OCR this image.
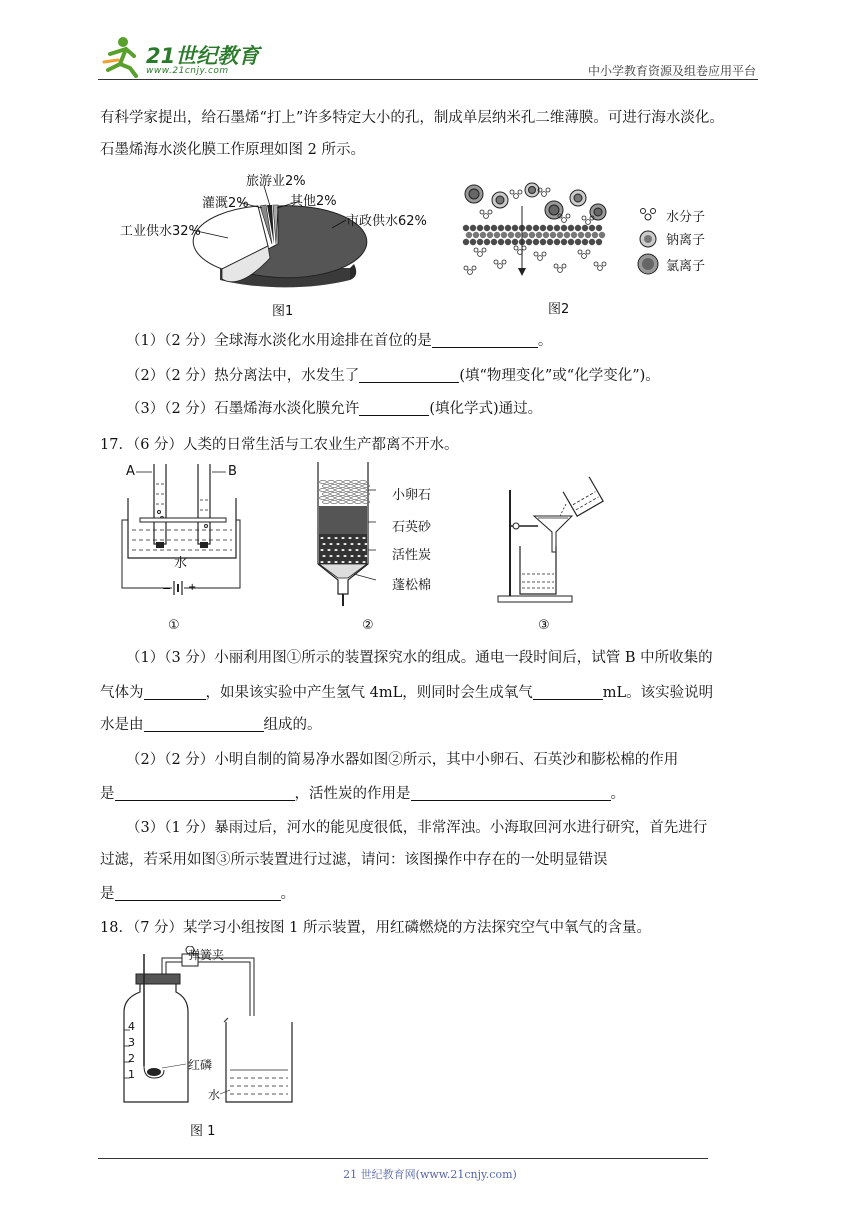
21世纪教育
www.21cnjy.com	中小学教育资源及组卷应用平台
有科学家提出，给石墨烯“打上”许多特定大小的孔，制成单层纳米孔二维薄膜。可进行海水淡化。
石墨烯海水淡化膜工作原理如图 2 所示。
旅游业2%
灌溉2%	其他2%
工业供水32%
市政供水62%
图1
水分子
钠离子
氯离子
图2
（1）（2 分）全球海水淡化水用途排在首位的是	。
（2）（2 分）热分离法中，水发生了	(填“物理变化”或“化学变化”)。
（3）（2 分）石墨烯海水淡化膜允许	(填化学式)通过。
17．（6 分）人类的日常生活与工农业生产都离不开水。
− +
A	B
水
①
小卵石
石英砂
活性炭
蓬松棉
②	③
（1）（3 分）小丽利用图①所示的装置探究水的组成。通电一段时间后，试管 B 中所收集的
气体为	，如果该实验中产生氢气 4mL，则同时会生成氧气	mL。该实验说明
水是由	组成的。
（2）（2 分）小明自制的简易净水器如图②所示，其中小卵石、石英沙和膨松棉的作用
是	，活性炭的作用是	。
（3）（1 分）暴雨过后，河水的能见度很低，非常浑浊。小海取回河水进行研究，首先进行
过滤，若采用如图③所示装置进行过滤，请问：该图操作中存在的一处明显错误
是	。
18．（7 分）某学习小组按图 1 所示装置，用红磷燃烧的方法探究空气中氧气的含量。
弹簧夹
红磷
水
4
3
2
1
图 1
21 世纪教育网(www.21cnjy.com)
